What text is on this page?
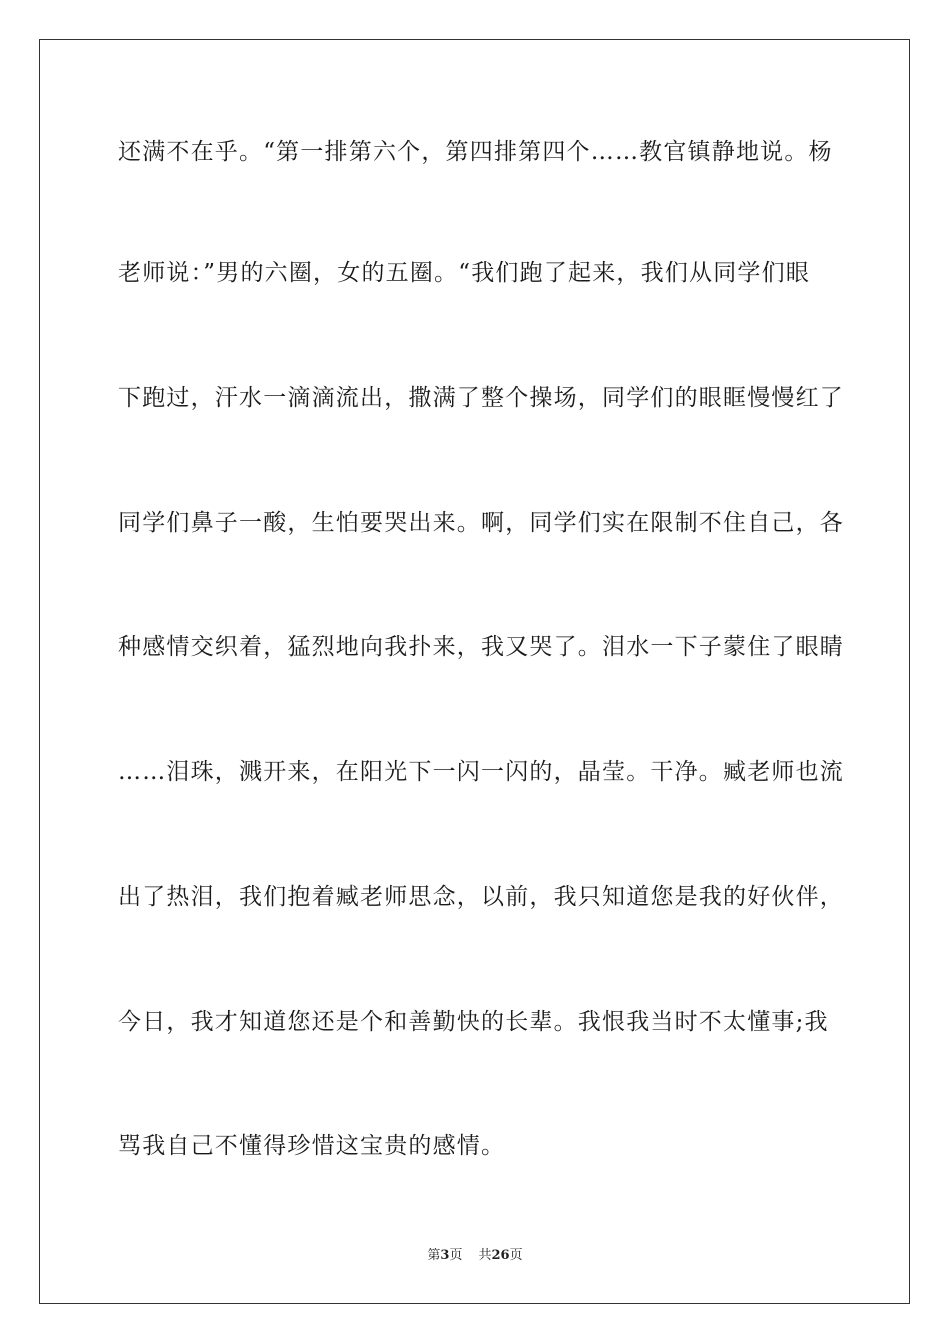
还满不在乎。“第一排第六个，第四排第四个……教官镇静地说。杨
老师说：”男的六圈，女的五圈。“我们跑了起来，我们从同学们眼
下跑过，汗水一滴滴流出，撒满了整个操场，同学们的眼眶慢慢红了
同学们鼻子一酸，生怕要哭出来。啊，同学们实在限制不住自己，各
种感情交织着，猛烈地向我扑来，我又哭了。泪水一下子蒙住了眼睛
……泪珠，溅开来，在阳光下一闪一闪的，晶莹。干净。臧老师也流
出了热泪，我们抱着臧老师思念，以前，我只知道您是我的好伙伴，
今日，我才知道您还是个和善勤快的长辈。我恨我当时不太懂事;我
骂我自己不懂得珍惜这宝贵的感情。
第3页 共26页
